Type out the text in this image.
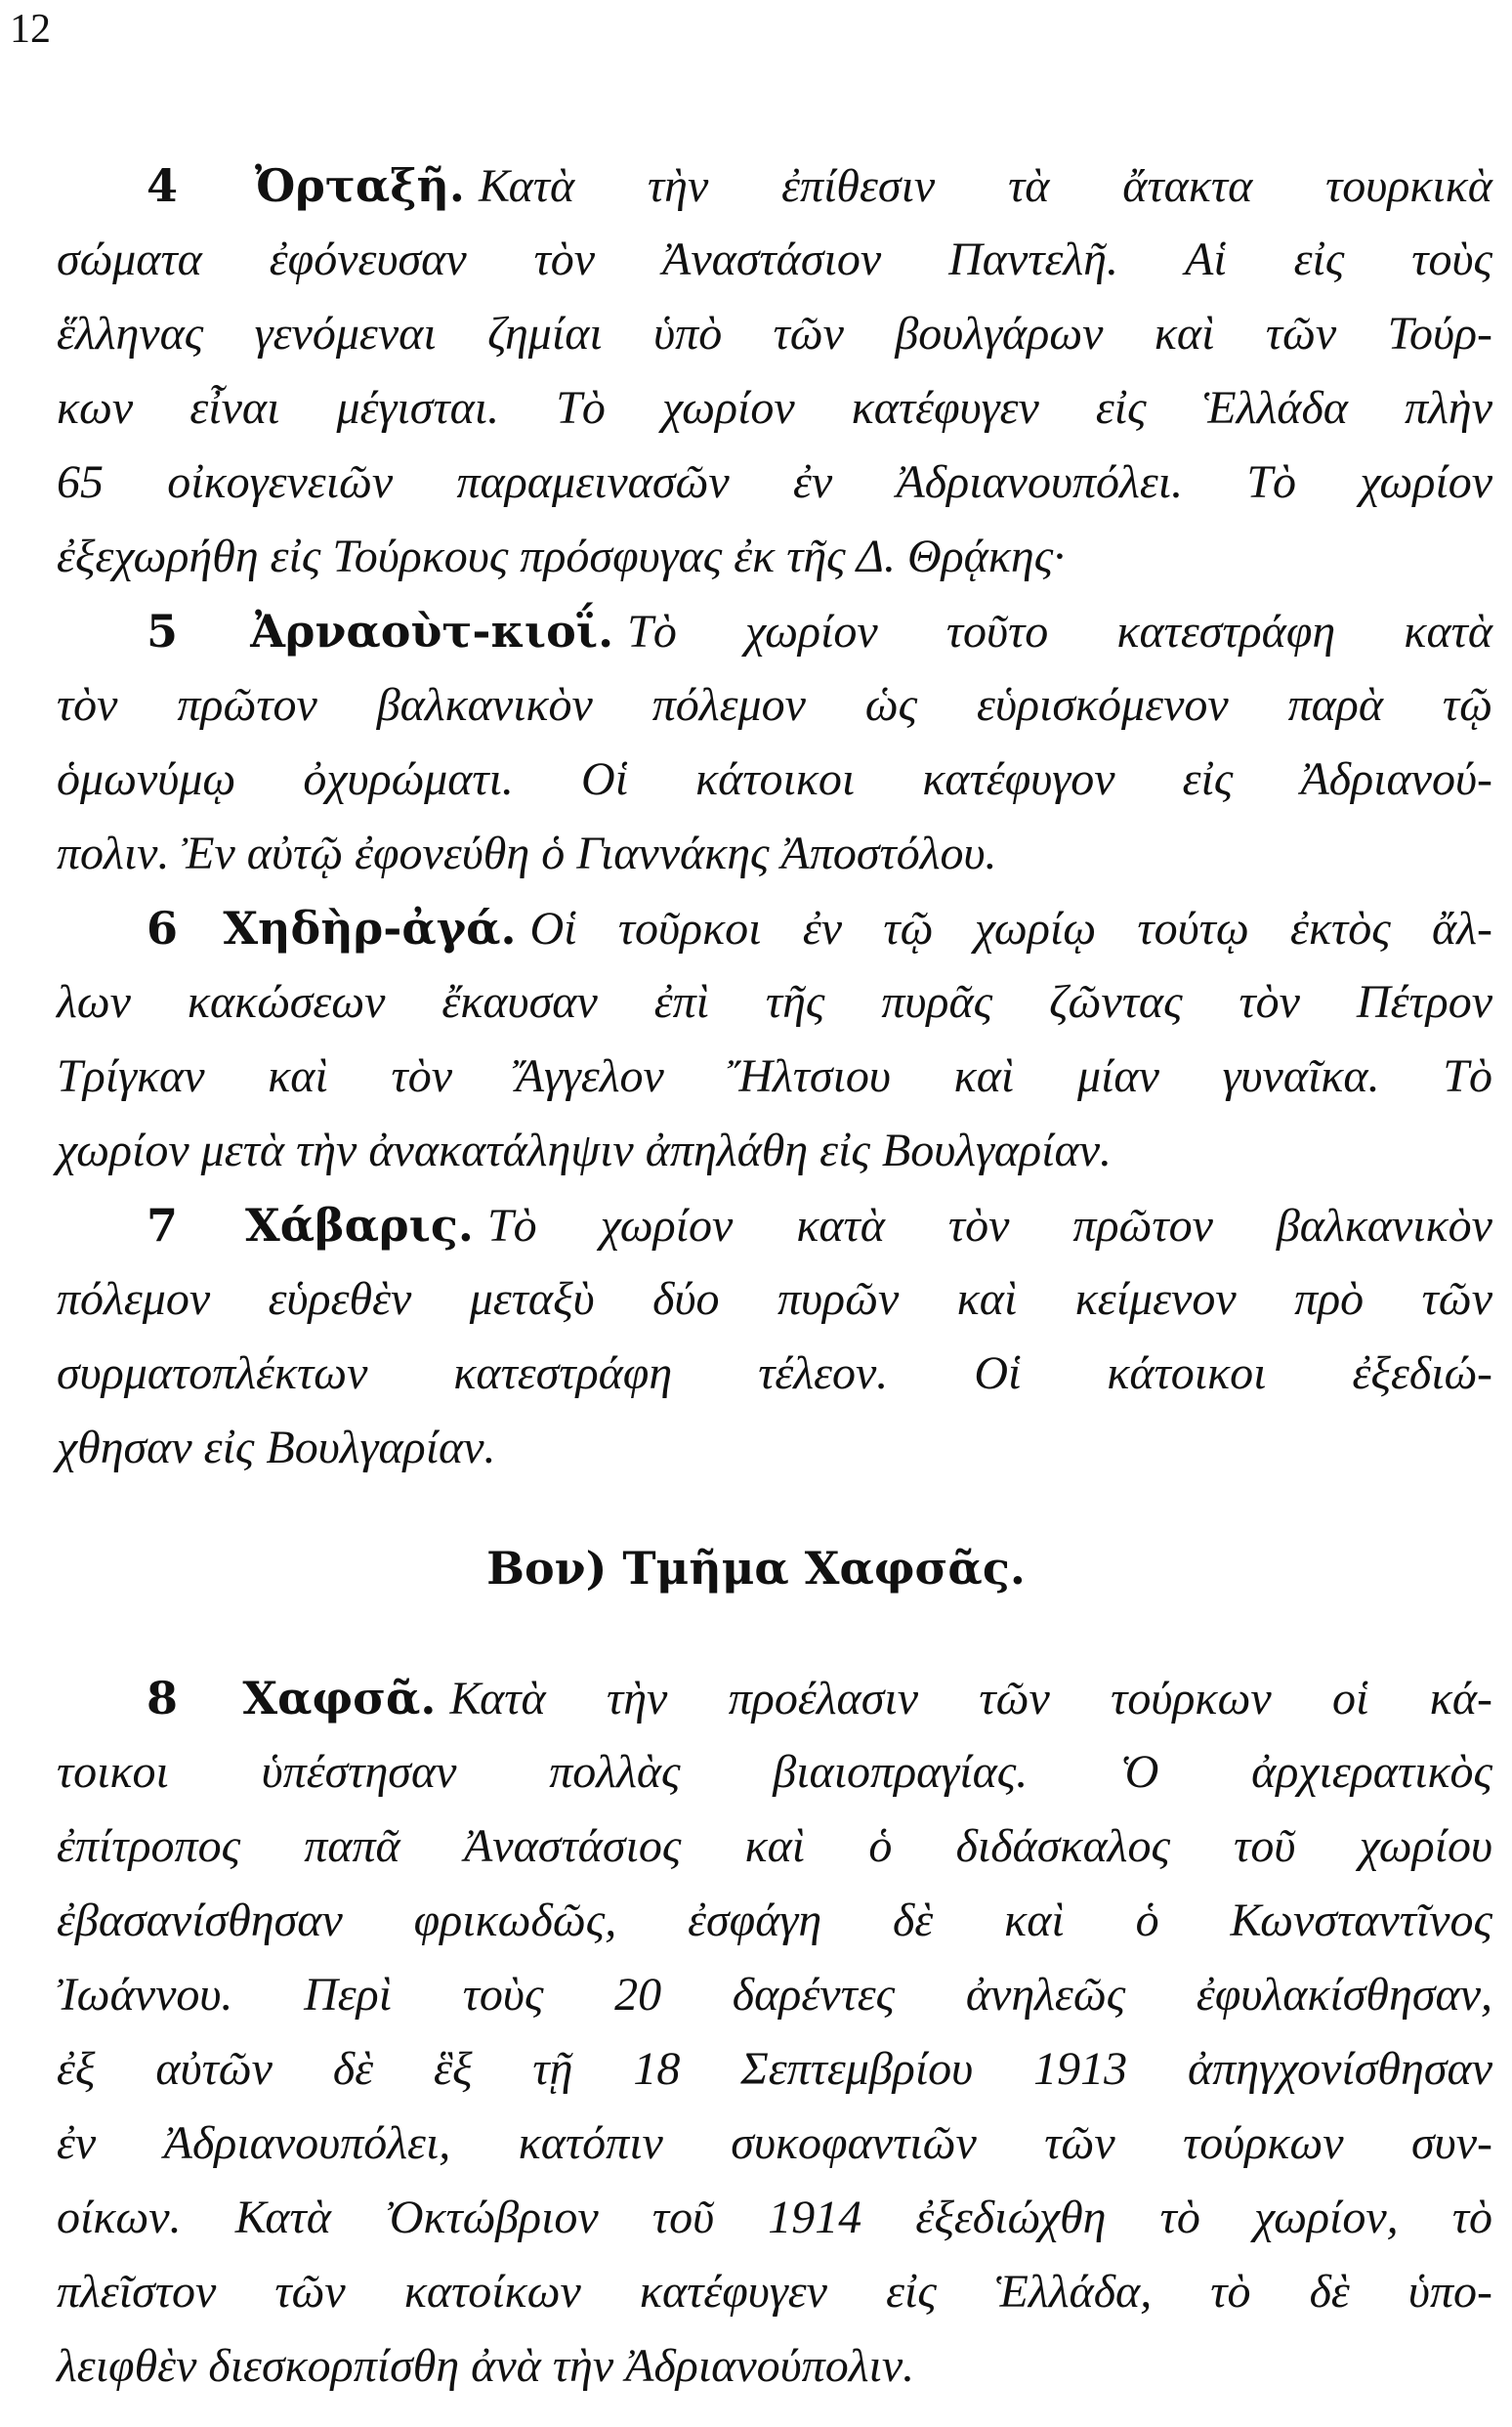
12
4 Ὀρταξῆ. Κατὰ τὴν ἐπίθεσιν τὰ ἄτακτα τουρκικὰ
σώματα ἐφόνευσαν τὸν Ἀναστάσιον Παντελῆ. Αἱ εἰς τοὺς
ἕλληνας γενόμεναι ζημίαι ὑπὸ τῶν βουλγάρων καὶ τῶν Τούρ-
κων εἶναι μέγισται. Τὸ χωρίον κατέφυγεν εἰς Ἑλλάδα πλὴν
65 οἰκογενειῶν παραμεινασῶν ἐν Ἀδριανουπόλει. Τὸ χωρίον
ἐξεχωρήθη εἰς Τούρκους πρόσφυγας ἐκ τῆς Δ. Θρᾴκης·
5 Ἀρναοὺτ-κιοΐ. Τὸ χωρίον τοῦτο κατεστράφη κατὰ
τὸν πρῶτον βαλκανικὸν πόλεμον ὡς εὑρισκόμενον παρὰ τῷ
ὁμωνύμῳ ὀχυρώματι. Οἱ κάτοικοι κατέφυγον εἰς Ἀδριανού-
πολιν. Ἐν αὐτῷ ἐφονεύθη ὁ Γιαννάκης Ἀποστόλου.
6 Χηδὴρ-ἀγά. Οἱ τοῦρκοι ἐν τῷ χωρίῳ τούτῳ ἐκτὸς ἄλ-
λων κακώσεων ἔκαυσαν ἐπὶ τῆς πυρᾶς ζῶντας τὸν Πέτρον
Τρίγκαν καὶ τὸν Ἄγγελον Ἤλτσιου καὶ μίαν γυναῖκα. Τὸ
χωρίον μετὰ τὴν ἀνακατάληψιν ἀπηλάθη εἰς Βουλγαρίαν.
7 Χάβαρις. Τὸ χωρίον κατὰ τὸν πρῶτον βαλκανικὸν
πόλεμον εὑρεθὲν μεταξὺ δύο πυρῶν καὶ κείμενον πρὸ τῶν
συρματοπλέκτων κατεστράφη τέλεον. Οἱ κάτοικοι ἐξεδιώ-
χθησαν εἰς Βουλγαρίαν.
Βον) Τμῆμα Χαφσᾶς.
8 Χαφσᾶ. Κατὰ τὴν προέλασιν τῶν τούρκων οἱ κά-
τοικοι ὑπέστησαν πολλὰς βιαιοπραγίας. Ὁ ἀρχιερατικὸς
ἐπίτροπος παπᾶ Ἀναστάσιος καὶ ὁ διδάσκαλος τοῦ χωρίου
ἐβασανίσθησαν φρικωδῶς, ἐσφάγη δὲ καὶ ὁ Κωνσταντῖνος
Ἰωάννου. Περὶ τοὺς 20 δαρέντες ἀνηλεῶς ἐφυλακίσθησαν,
ἐξ αὐτῶν δὲ ἓξ τῇ 18 Σεπτεμβρίου 1913 ἀπηγχονίσθησαν
ἐν Ἀδριανουπόλει, κατόπιν συκοφαντιῶν τῶν τούρκων συν-
οίκων. Κατὰ Ὀκτώβριον τοῦ 1914 ἐξεδιώχθη τὸ χωρίον, τὸ
πλεῖστον τῶν κατοίκων κατέφυγεν εἰς Ἑλλάδα, τὸ δὲ ὑπο-
λειφθὲν διεσκορπίσθη ἀνὰ τὴν Ἀδριανούπολιν.
